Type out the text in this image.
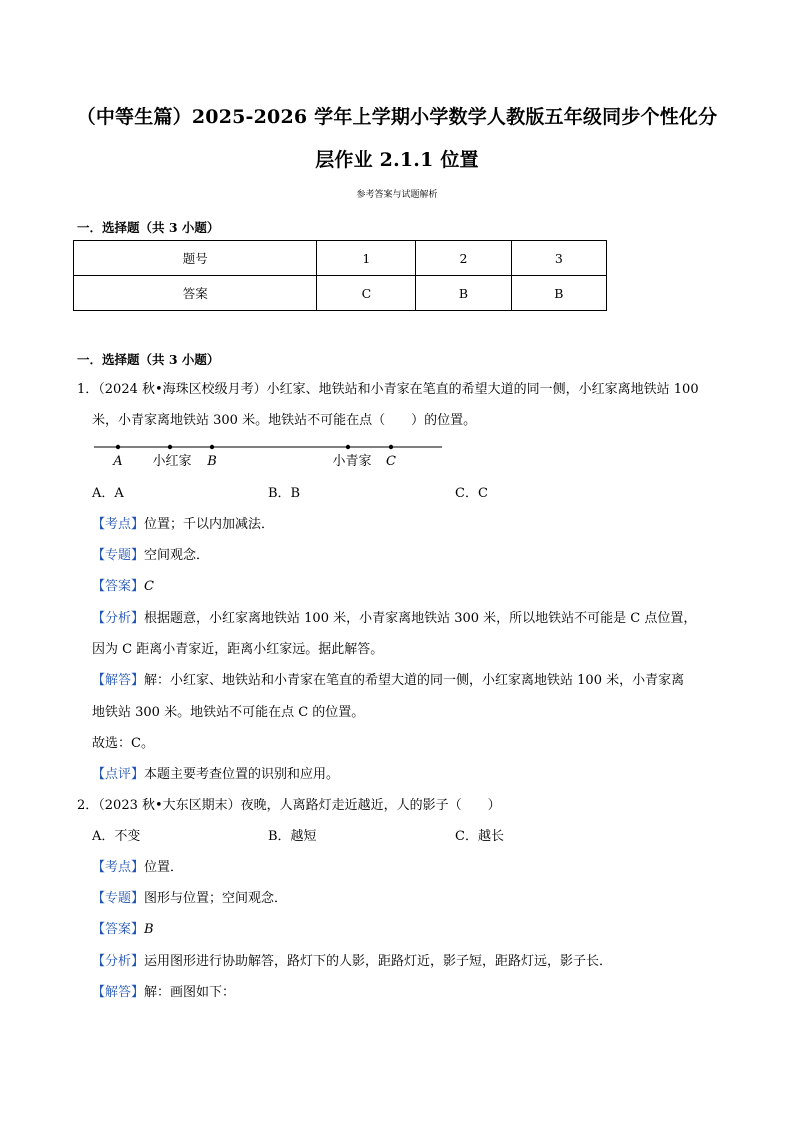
（中等生篇）2025-2026 学年上学期小学数学人教版五年级同步个性化分
层作业 2.1.1 位置
参考答案与试题解析
一．选择题（共 3 小题）
题号	1	2	3
答案	C	B	B
一．选择题（共 3 小题）
1．（2024 秋•海珠区校级月考）小红家、地铁站和小青家在笔直的希望大道的同一侧，小红家离地铁站 100
米，小青家离地铁站 300 米。地铁站不可能在点（　　）的位置。
A 小红家 B	小青家 C
A．A	B．B	C．C
【考点】位置；千以内加减法．
【专题】空间观念．
【答案】C
【分析】根据题意，小红家离地铁站 100 米，小青家离地铁站 300 米，所以地铁站不可能是 C 点位置，
因为 C 距离小青家近，距离小红家远。据此解答。
【解答】解：小红家、地铁站和小青家在笔直的希望大道的同一侧，小红家离地铁站 100 米，小青家离
地铁站 300 米。地铁站不可能在点 C 的位置。
故选：C。
【点评】本题主要考查位置的识别和应用。
2．（2023 秋•大东区期末）夜晚，人离路灯走近越近，人的影子（　　）
A．不变	B．越短	C．越长
【考点】位置．
【专题】图形与位置；空间观念．
【答案】B
【分析】运用图形进行协助解答，路灯下的人影，距路灯近，影子短，距路灯远，影子长．
【解答】解：画图如下：
